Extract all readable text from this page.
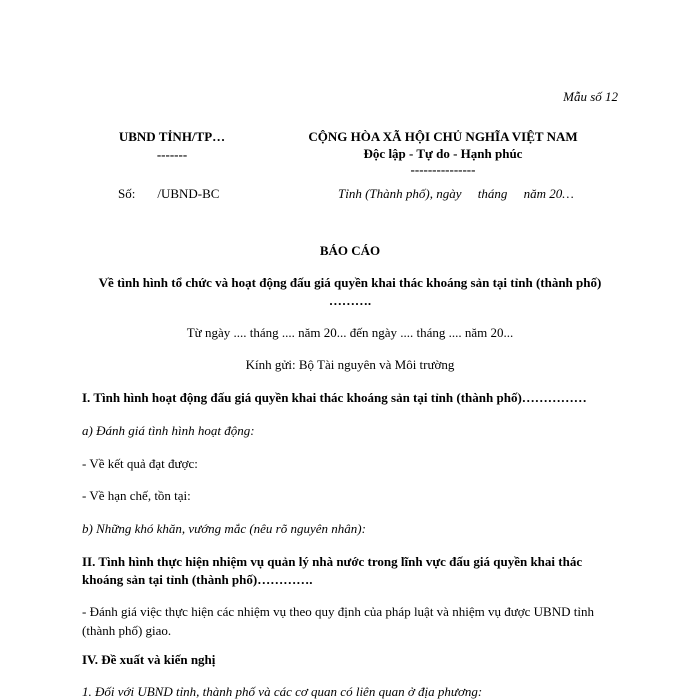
Mẫu số 12
UBND TỈNH/TP…
-------
CỘNG HÒA XÃ HỘI CHỦ NGHĨA VIỆT NAM
Độc lập - Tự do - Hạnh phúc
---------------
Số: /UBND-BC	Tỉnh (Thành phố), ngày     tháng     năm 20…
BÁO CÁO
Về tình hình tổ chức và hoạt động đấu giá quyền khai thác khoáng sản tại tỉnh (thành phố) ……….
Từ ngày .... tháng .... năm 20... đến ngày .... tháng .... năm 20...
Kính gửi: Bộ Tài nguyên và Môi trường
I. Tình hình hoạt động đấu giá quyền khai thác khoáng sản tại tỉnh (thành phố)……………
a) Đánh giá tình hình hoạt động:
- Về kết quả đạt được:
- Về hạn chế, tồn tại:
b) Những khó khăn, vướng mắc (nêu rõ nguyên nhân):
II. Tình hình thực hiện nhiệm vụ quản lý nhà nước trong lĩnh vực đấu giá quyền khai thác khoáng sản tại tỉnh (thành phố)………….
- Đánh giá việc thực hiện các nhiệm vụ theo quy định của pháp luật và nhiệm vụ được UBND tỉnh (thành phố) giao.
IV. Đề xuất và kiến nghị
1. Đối với UBND tỉnh, thành phố và các cơ quan có liên quan ở địa phương:
